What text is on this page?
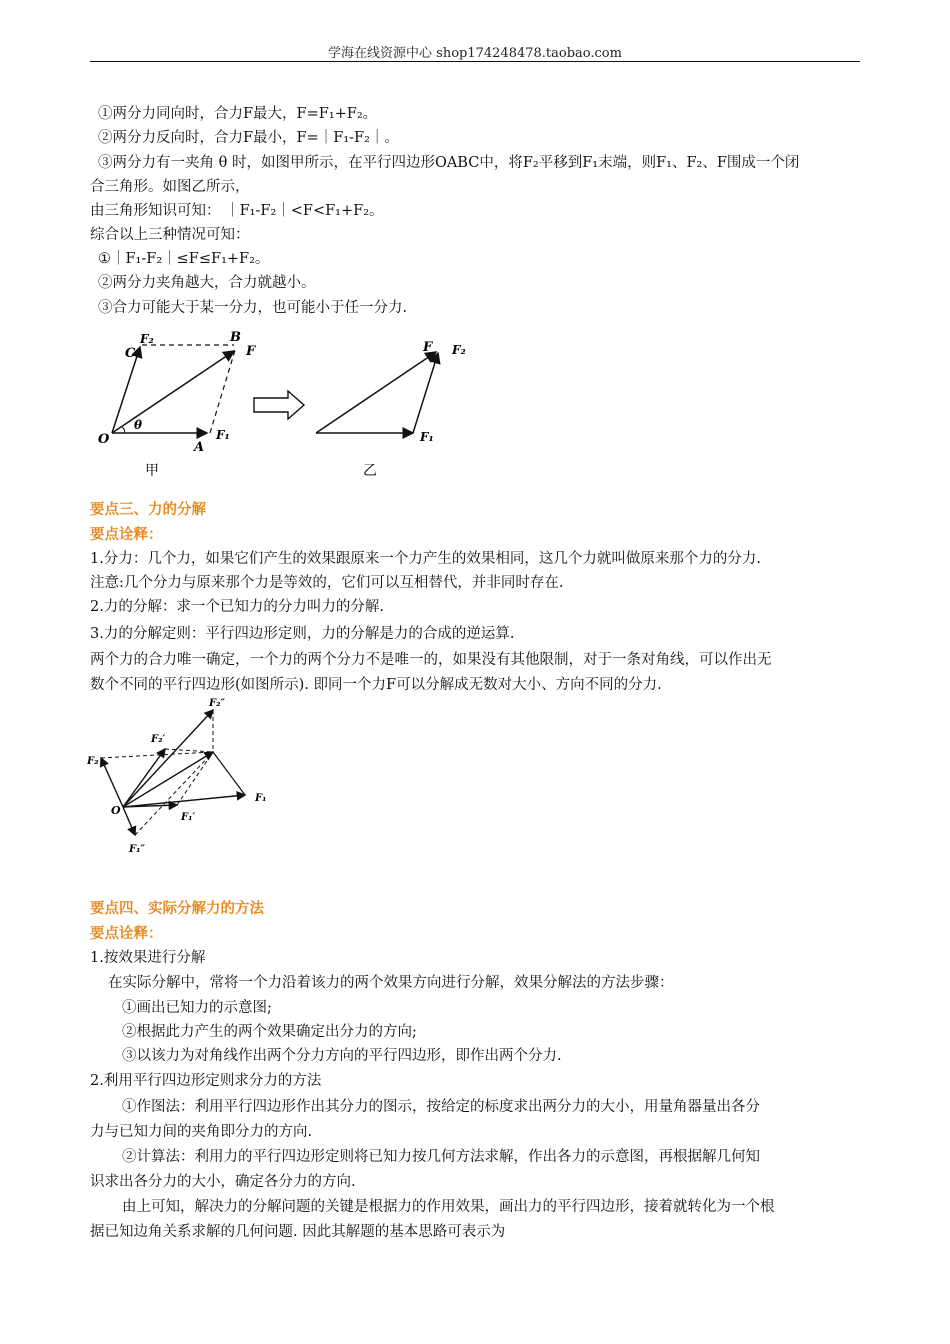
学海在线资源中心 shop174248478.taobao.com
①两分力同向时，合力F最大，F=F₁+F₂。
②两分力反向时，合力F最小，F=｜F₁-F₂｜。
③两分力有一夹角 θ 时，如图甲所示，在平行四边形OABC中，将F₂平移到F₁末端，则F₁、F₂、F围成一个闭
合三角形。如图乙所示，
由三角形知识可知： ｜F₁-F₂｜<F<F₁+F₂。
综合以上三种情况可知：
①｜F₁-F₂｜≤F≤F₁+F₂。
②两分力夹角越大，合力就越小。
③合力可能大于某一分力，也可能小于任一分力.
C
F₂	B
F
O
θ
A
F₁
甲
F F₂
F₁
乙
要点三、力的分解
要点诠释：
1.分力：几个力，如果它们产生的效果跟原来一个力产生的效果相同，这几个力就叫做原来那个力的分力.
注意:几个分力与原来那个力是等效的，它们可以互相替代，并非同时存在.
2.力的分解：求一个已知力的分力叫力的分解.
3.力的分解定则：平行四边形定则，力的分解是力的合成的逆运算.
两个力的合力唯一确定，一个力的两个分力不是唯一的，如果没有其他限制，对于一条对角线，可以作出无
数个不同的平行四边形(如图所示). 即同一个力F可以分解成无数对大小、方向不同的分力.
F₂″
F₂′
F₂
O
F₁
F₁′
F₁″
要点四、实际分解力的方法
要点诠释：
1.按效果进行分解
在实际分解中，常将一个力沿着该力的两个效果方向进行分解，效果分解法的方法步骤：
①画出已知力的示意图;
②根据此力产生的两个效果确定出分力的方向;
③以该力为对角线作出两个分力方向的平行四边形，即作出两个分力.
2.利用平行四边形定则求分力的方法
①作图法：利用平行四边形作出其分力的图示，按给定的标度求出两分力的大小，用量角器量出各分
力与已知力间的夹角即分力的方向.
②计算法：利用力的平行四边形定则将已知力按几何方法求解，作出各力的示意图，再根据解几何知
识求出各分力的大小，确定各分力的方向.
由上可知，解决力的分解问题的关键是根据力的作用效果，画出力的平行四边形，接着就转化为一个根
据已知边角关系求解的几何问题. 因此其解题的基本思路可表示为
